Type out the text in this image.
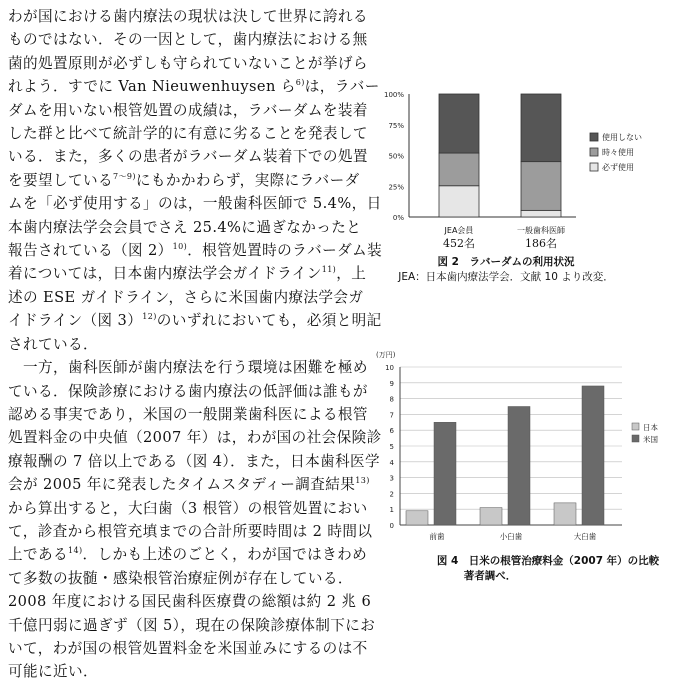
わが国における歯内療法の現状は決して世界に誇れる
ものではない．その一因として，歯内療法における無
菌的処置原則が必ずしも守られていないことが挙げら
れよう．すでに Van Nieuwenhuysen ら$^{6)}$は，ラバー
ダムを用いない根管処置の成績は，ラバーダムを装着
した群と比べて統計学的に有意に劣ることを発表して
いる．また，多くの患者がラバーダム装着下での処置
を要望している$^{7〜9)}$にもかかわらず，実際にラバーダ
ムを「必ず使用する」のは，一般歯科医師で 5.4%，日
本歯内療法学会会員でさえ 25.4%に過ぎなかったと
報告されている（図 2）$^{10)}$．根管処置時のラバーダム装
着については，日本歯内療法学会ガイドライン$^{11)}$，上
述の ESE ガイドライン，さらに米国歯内療法学会ガ
イドライン（図 3）$^{12)}$のいずれにおいても，必須と明記
されている．
　一方，歯科医師が歯内療法を行う環境は困難を極め
ている．保険診療における歯内療法の低評価は誰もが
認める事実であり，米国の一般開業歯科医による根管
処置料金の中央値（2007 年）は，わが国の社会保険診
療報酬の 7 倍以上である（図 4）．また，日本歯科医学
会が 2005 年に発表したタイムスタディー調査結果$^{13)}$
から算出すると，大臼歯（3 根管）の根管処置におい
て，診査から根管充填までの合計所要時間は 2 時間以
上である$^{14)}$．しかも上述のごとく，わが国ではきわめ
て多数の抜髄・感染根管治療症例が存在している．
2008 年度における国民歯科医療費の総額は約 2 兆 6
千億円弱に過ぎず（図 5），現在の保険診療体制下にお
いて，わが国の根管処置料金を米国並みにするのは不
可能に近い．
0%
25%
50%
75%
100%
JEA会員
452名
一般歯科医師
186名
使用しない
時々使用
必ず使用
図 2　ラバーダムの利用状況
JEA：日本歯内療法学会．文献 10 より改変．
(万円)
0
1
2
3
4
5
6
7
8
9
10
前歯	小臼歯	大臼歯
日本
米国
図 4　日米の根管治療料金（2007 年）の比較
著者調べ．
